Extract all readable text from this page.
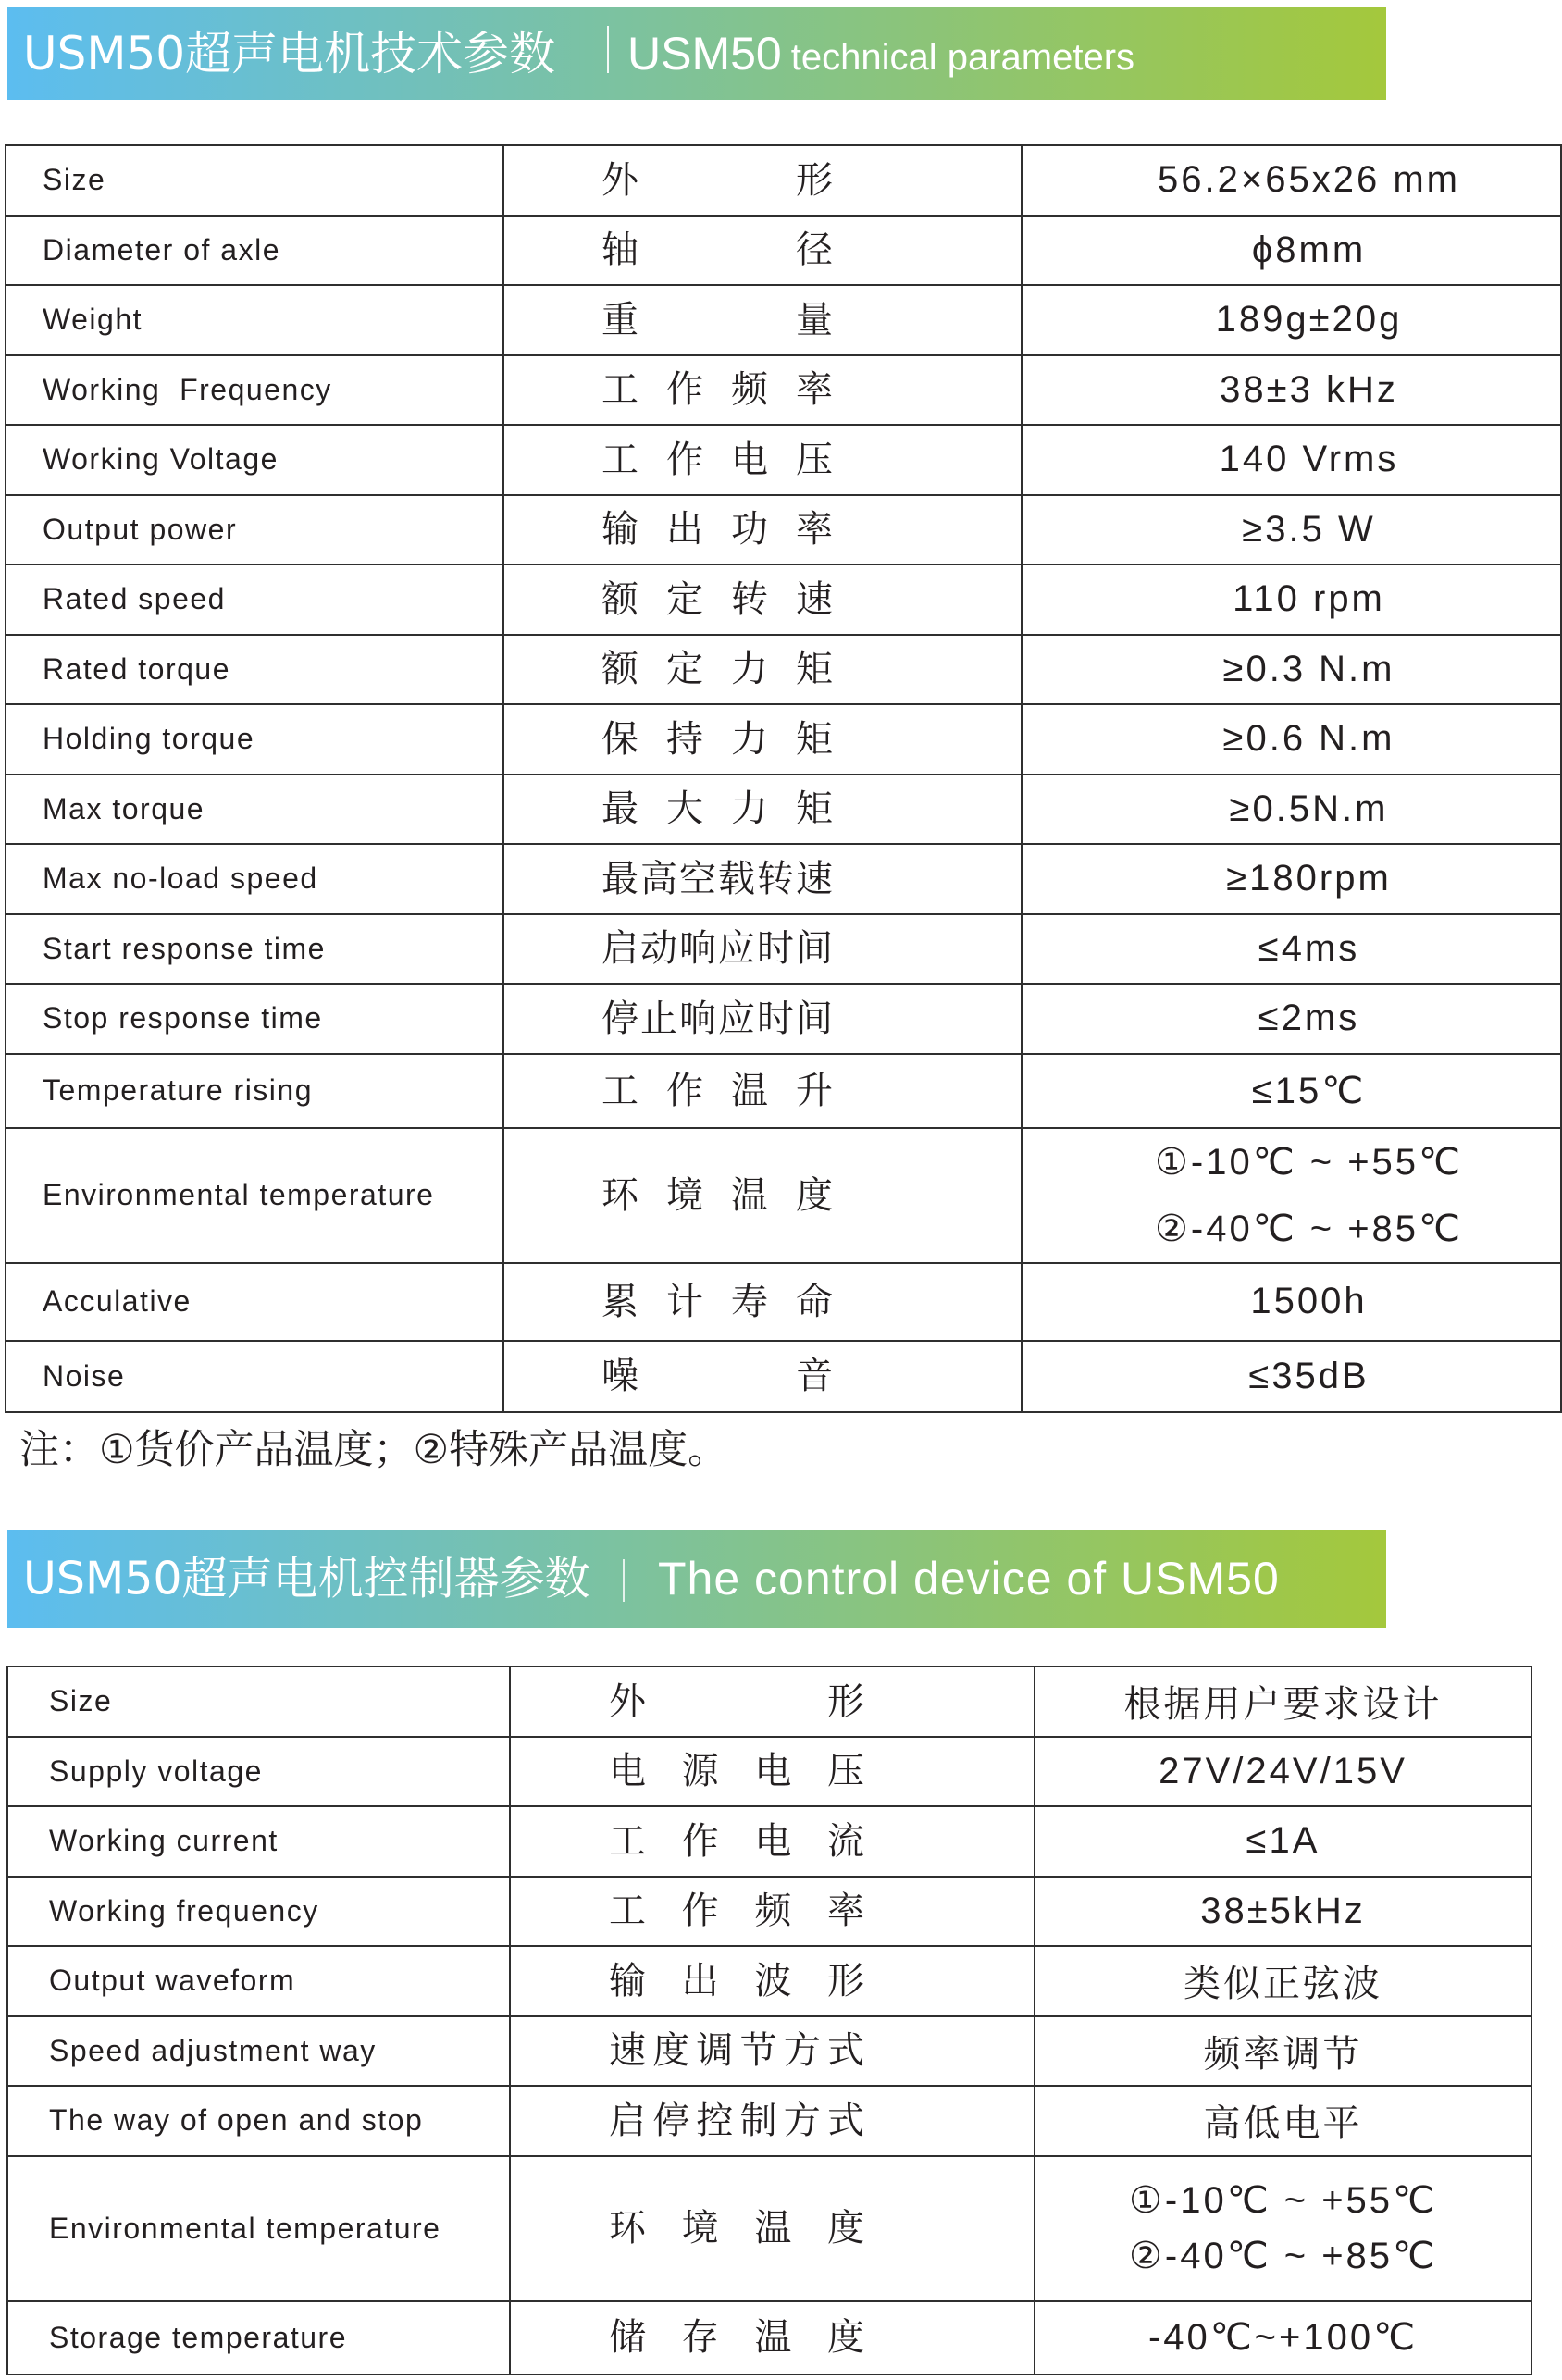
USM50超声电机技术参数 USM50 technical parameters
Size	外形	56.2×65x26 mm
Diameter of axle	轴径	ϕ8mm
Weight	重量	189g±20g
Working  Frequency	工作频率	38±3 kHz
Working Voltage	工作电压	140 Vrms
Output power	输出功率	≥3.5 W
Rated speed	额定转速	110 rpm
Rated torque	额定力矩	≥0.3 N.m
Holding torque	保持力矩	≥0.6 N.m
Max torque	最大力矩	≥0.5N.m
Max no-load speed	最高空载转速	≥180rpm
Start response time	启动响应时间	≤4ms
Stop response time	停止响应时间	≤2ms
Temperature rising	工作温升	≤15℃
Environmental temperature	环境温度	①-10℃ ~ +55℃
②-40℃ ~ +85℃

Acculative	累计寿命	1500h
Noise	噪音	≤35dB
注：①货价产品温度；②特殊产品温度。
USM50超声电机控制器参数 The control device of USM50
Size	外形	根据用户要求设计
Supply voltage	电源电压	27V/24V/15V
Working current	工作电流	≤1A
Working frequency	工作频率	38±5kHz
Output waveform	输出波形	类似正弦波
Speed adjustment way	速度调节方式	频率调节
The way of open and stop	启停控制方式	高低电平
Environmental temperature	环境温度	①-10℃ ~ +55℃
②-40℃ ~ +85℃

Storage temperature	储存温度	-40℃~+100℃
